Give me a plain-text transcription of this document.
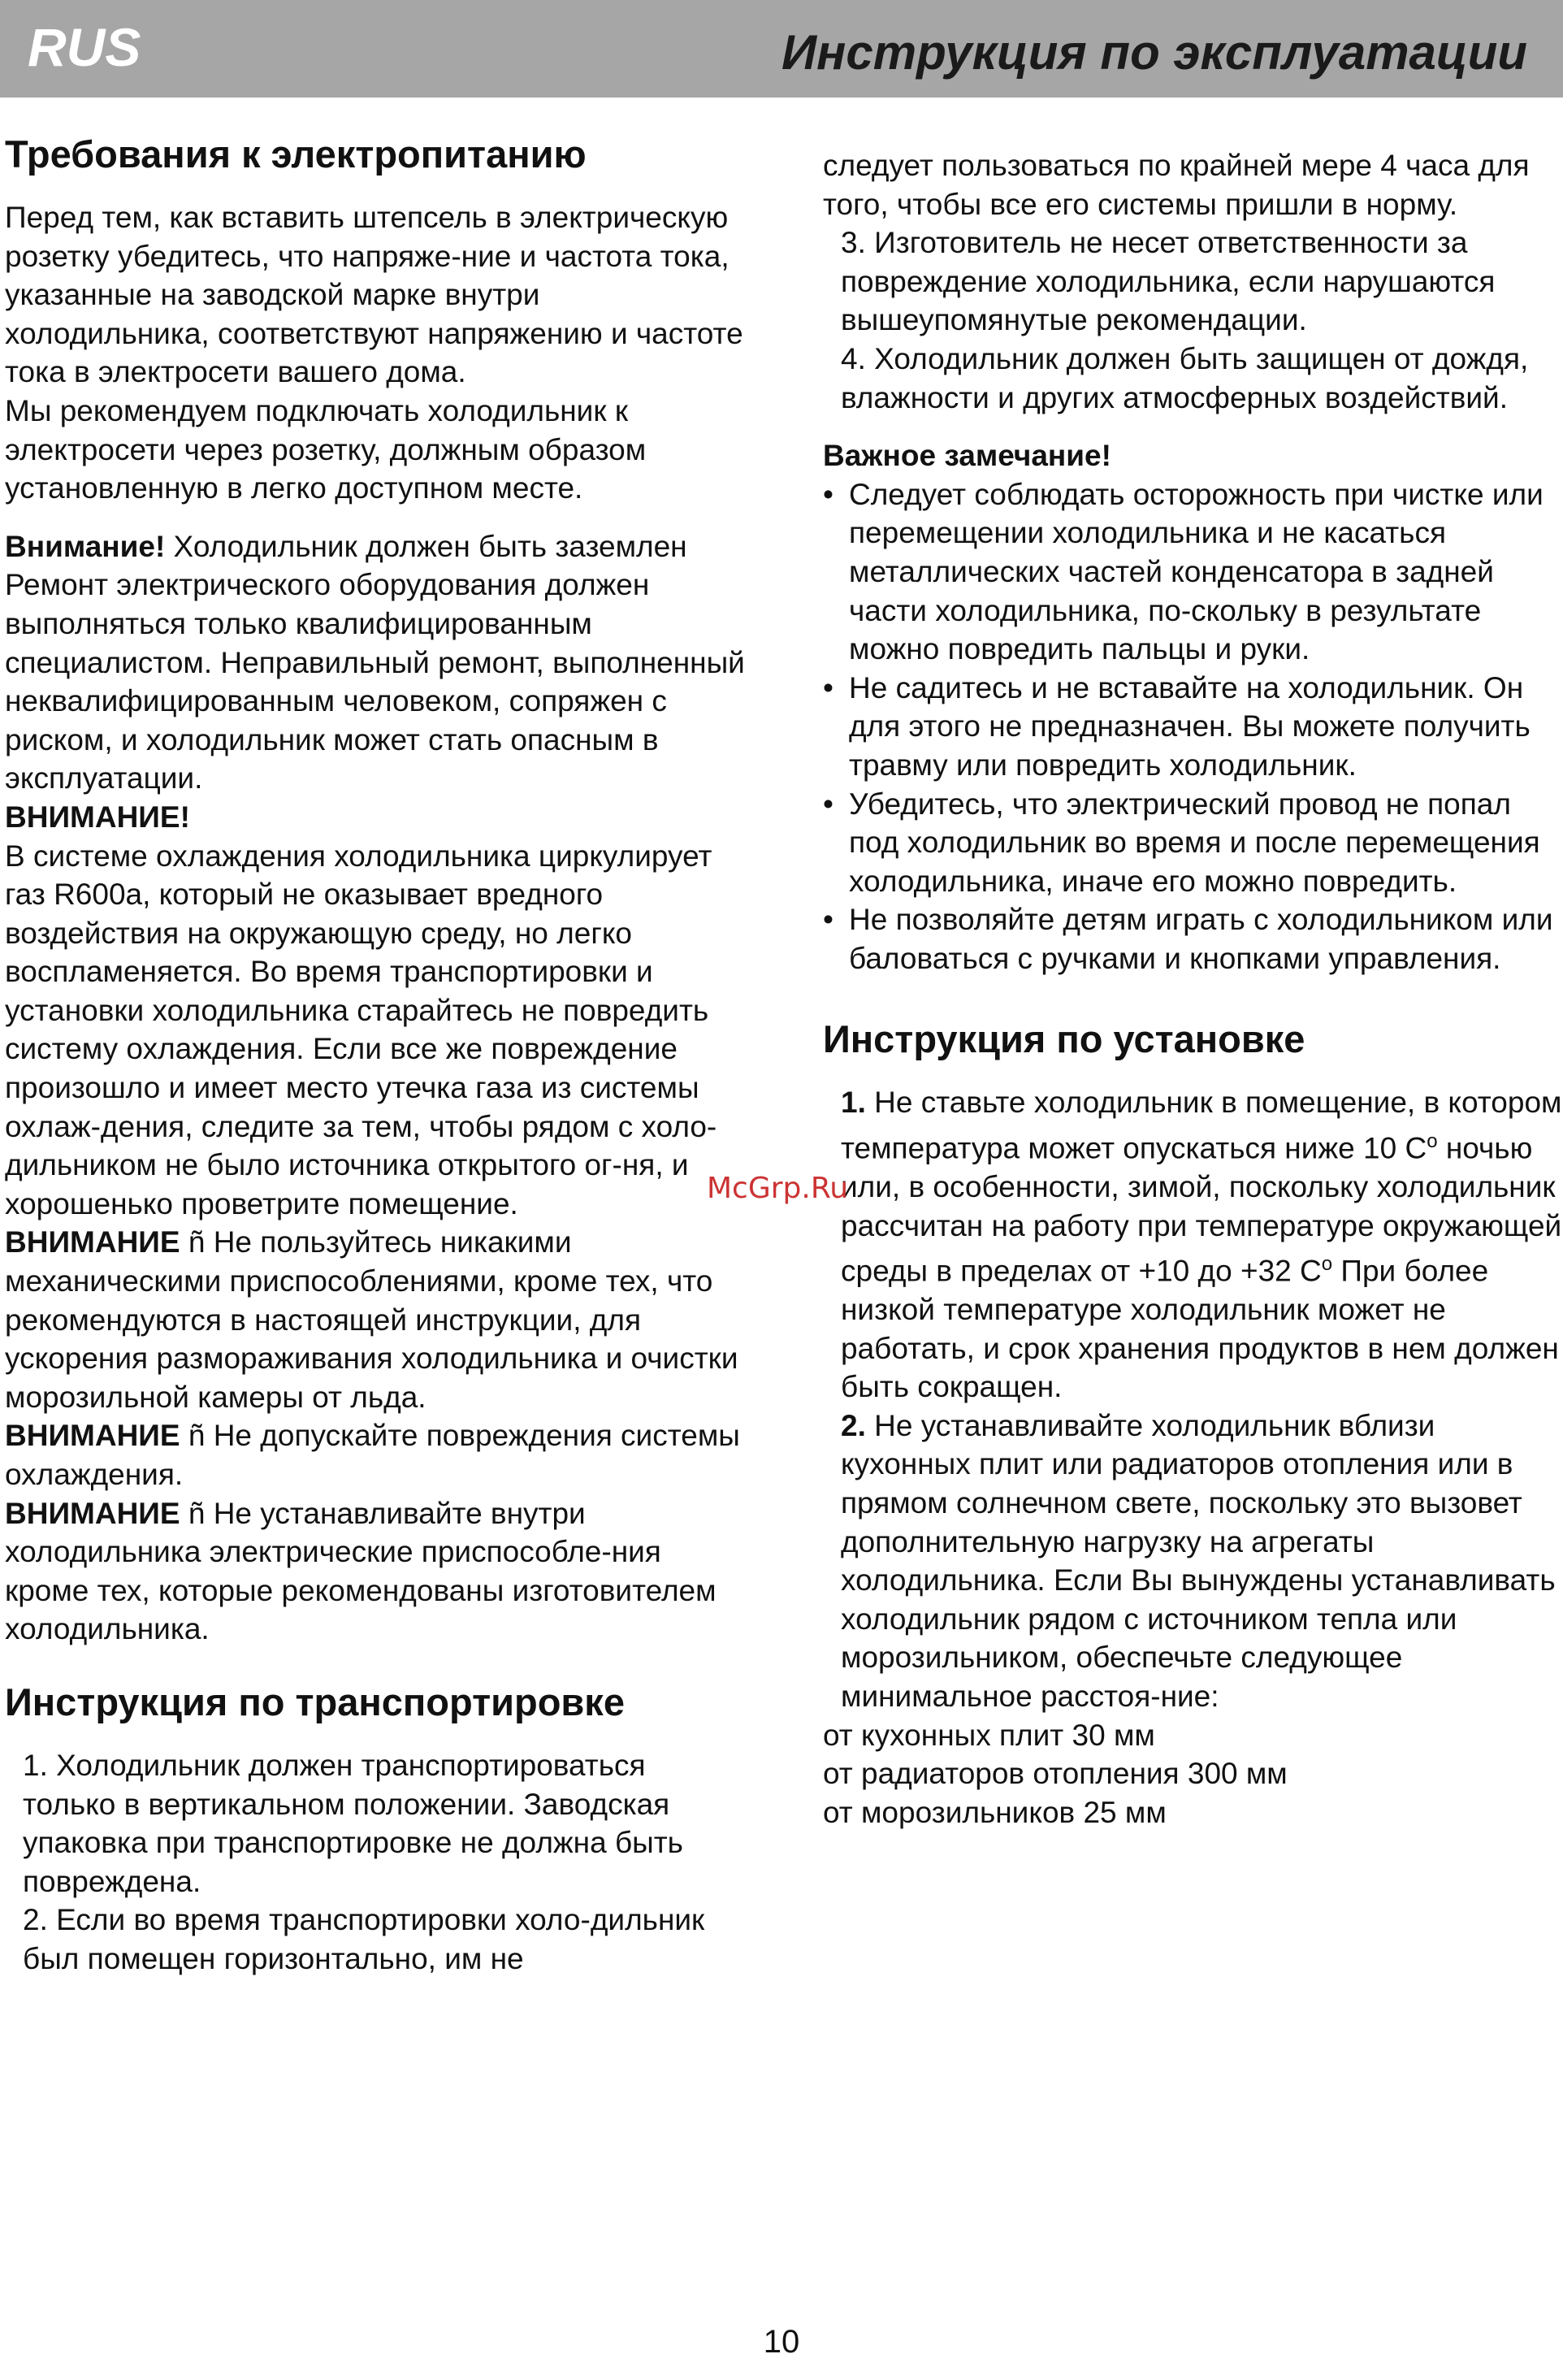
RUS	Инструкция по эксплуатации
Требования к электропитанию

Перед тем, как вставить штепсель в электрическую розетку убедитесь, что напряже-ние и частота тока, указанные на заводской марке внутри холодильника, соответствуют напряжению и частоте тока в электросети вашего дома.

Мы рекомендуем подключать холодильник к электросети через розетку, должным образом установленную в легко доступном месте.

Внимание! Холодильник должен быть заземлен

Ремонт электрического оборудования должен выполняться только квалифицированным специалистом. Неправильный ремонт, выполненный неквалифицированным человеком, сопряжен с риском, и холодильник может стать опасным в эксплуатации.

ВНИМАНИЕ!

В системе охлаждения холодильника циркулирует газ R600a, который не оказывает вредного воздействия на окружающую среду, но легко воспламеняется. Во время транспортировки и установки холодильника старайтесь не повредить систему охлаждения. Если все же повреждение произошло и имеет место утечка газа из системы охлаж-дения, следите за тем, чтобы рядом с холо-дильником не было источника открытого ог-ня, и хорошенько проветрите помещение.

ВНИМАНИЕ ñ Не пользуйтесь никакими механическими приспособлениями, кроме тех, что рекомендуются в настоящей инструкции, для ускорения размораживания холодильника и очистки морозильной камеры от льда.

ВНИМАНИЕ ñ Не допускайте повреждения системы охлаждения.

ВНИМАНИЕ ñ Не устанавливайте внутри холодильника электрические приспособле-ния кроме тех, которые рекомендованы изготовителем холодильника.

Инструкция по транспортировке

1. Холодильник должен транспортироваться только в вертикальном положении. Заводская упаковка при транспортировке не должна быть повреждена.

2. Если во время транспортировки холо-дильник был помещен горизонтально, им не

следует пользоваться по крайней мере 4 часа для того, чтобы все его системы пришли в норму.

3. Изготовитель не несет ответственности за повреждение холодильника, если нарушаются вышеупомянутые рекомендации.

4. Холодильник должен быть защищен от дождя, влажности и других атмосферных воздействий.

Важное замечание!

• Следует соблюдать осторожность при чистке или перемещении холодильника и не касаться металлических частей конденсатора в задней части холодильника, по-скольку в результате можно повредить пальцы и руки.

• Не садитесь и не вставайте на холодильник. Он для этого не предназначен. Вы можете получить травму или повредить холодильник.

• Убедитесь, что электрический провод не попал под холодильник во время и после перемещения холодильника, иначе его можно повредить.

• Не позволяйте детям играть с холодильником или баловаться с ручками и кнопками управления.

Инструкция по установке

1. Не ставьте холодильник в помещение, в котором температура может опускаться ниже 10 $С^o$ ночью или, в особенности, зимой, поскольку холодильник рассчитан на работу при температуре окружающей среды в пределах от +10 до +32 $С^o$ При более низкой температуре холодильник может не работать, и срок хранения продуктов в нем должен быть сокращен.

2. Не устанавливайте холодильник вблизи кухонных плит или радиаторов отопления или в прямом солнечном свете, поскольку это вызовет дополнительную нагрузку на агрегаты холодильника. Если Вы вынуждены устанавливать холодильник рядом с источником тепла или морозильником, обеспечьте следующее минимальное расстоя-ние:

от кухонных плит 30 мм

от радиаторов отопления 300 мм

от морозильников 25 мм

McGrp.Ru
10
